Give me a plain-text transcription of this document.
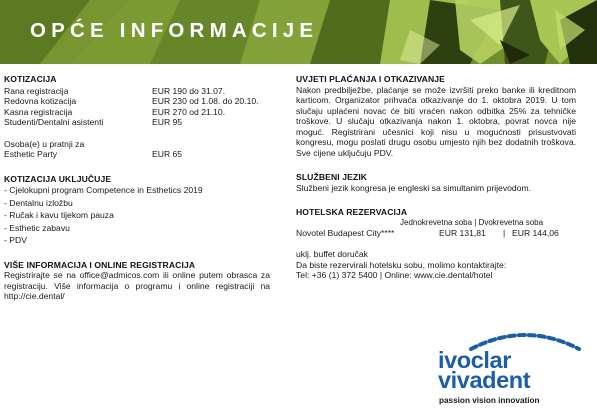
OPĆE INFORMACIJE
KOTIZACIJA
Rana registracija	EUR 190 do 31.07.
Redovna kotizacija	EUR 230 od 1.08. do 20.10.
Kasna registracija	EUR 270 od 21.10.
Studenti/Dentalni asistenti	EUR 95
Osoba(e) u pratnji za
Esthetic Party	EUR 65
KOTIZACIJA UKLJUČUJE
- Cjelokupni program Competence in Esthetics 2019
- Dentalnu izložbu
- Ručak i kavu tijekom pauza
- Esthetic zabavu
- PDV
VIŠE INFORMACIJA I ONLINE REGISTRACIJA
Registrirajte se na office@admicos.com ili online putem obrasca za registraciju. Više informacija o programu i online registraciji na http://cie.dental/
UVJETI PLAĆANJA I OTKAZIVANJE
Nakon predbilježbe, plaćanje se može izvršiti preko banke ili kreditnom karticom. Organizator prihvaća otkazivanje do 1. oktobra 2019. U tom slučaju uplaćeni novac će biti vraćen nakon odbitka 25% za tehničke troškove. U slučaju otkazivanja nakon 1. oktobra, povrat novca nije moguć. Registrirani učesnici koji nisu u mogućnosti prisustvovati kongresu, mogu poslati drugu osobu umjesto njih bez dodatnih troškova. Sve cijene uključuju PDV.
SLUŽBENI JEZIK
Službeni jezik kongresa je engleski sa simultanim prijevodom.
HOTELSKA REZERVACIJA
Jednokrevetna soba | Dvokrevetna soba
Novotel Budapest City****	EUR 131,81 | EUR 144,06
uklj. buffet doručak
Da biste rezervirali hotelsku sobu, molimo kontaktirajte:
Tel: +36 (1) 372 5400 | Online: www.cie.dental/hotel
ivoclar
vivadent
passion vision innovation
